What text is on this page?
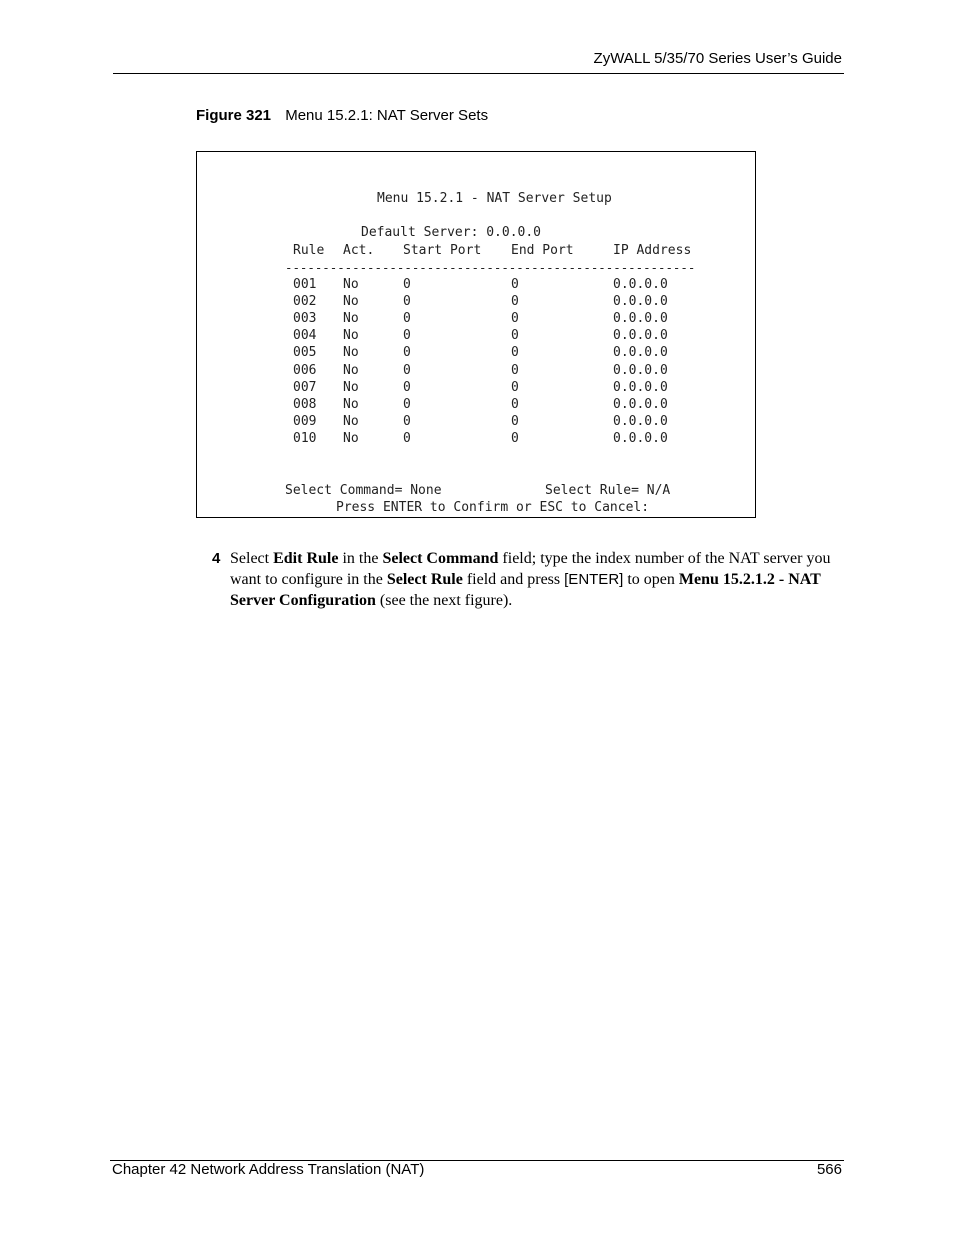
ZyWALL 5/35/70 Series User’s Guide
Figure 321 Menu 15.2.1: NAT Server Sets
Menu 15.2.1 - NAT Server Setup
Default Server: 0.0.0.0
Rule Act. Start Port End Port	IP Address
-------------------------------------------------------
001 No	0	0	0.0.0.0
002 No	0	0	0.0.0.0
003 No	0	0	0.0.0.0
004 No	0	0	0.0.0.0
005 No	0	0	0.0.0.0
006 No	0	0	0.0.0.0
007 No	0	0	0.0.0.0
008 No	0	0	0.0.0.0
009 No	0	0	0.0.0.0
010 No	0	0	0.0.0.0
Select Command= None	Select Rule= N/A
Press ENTER to Confirm or ESC to Cancel:
4 Select Edit Rule in the Select Command field; type the index number of the NAT server you want to configure in the Select Rule field and press [ENTER] to open Menu 15.2.1.2 - NAT Server Configuration (see the next figure).
Chapter 42 Network Address Translation (NAT)	566
